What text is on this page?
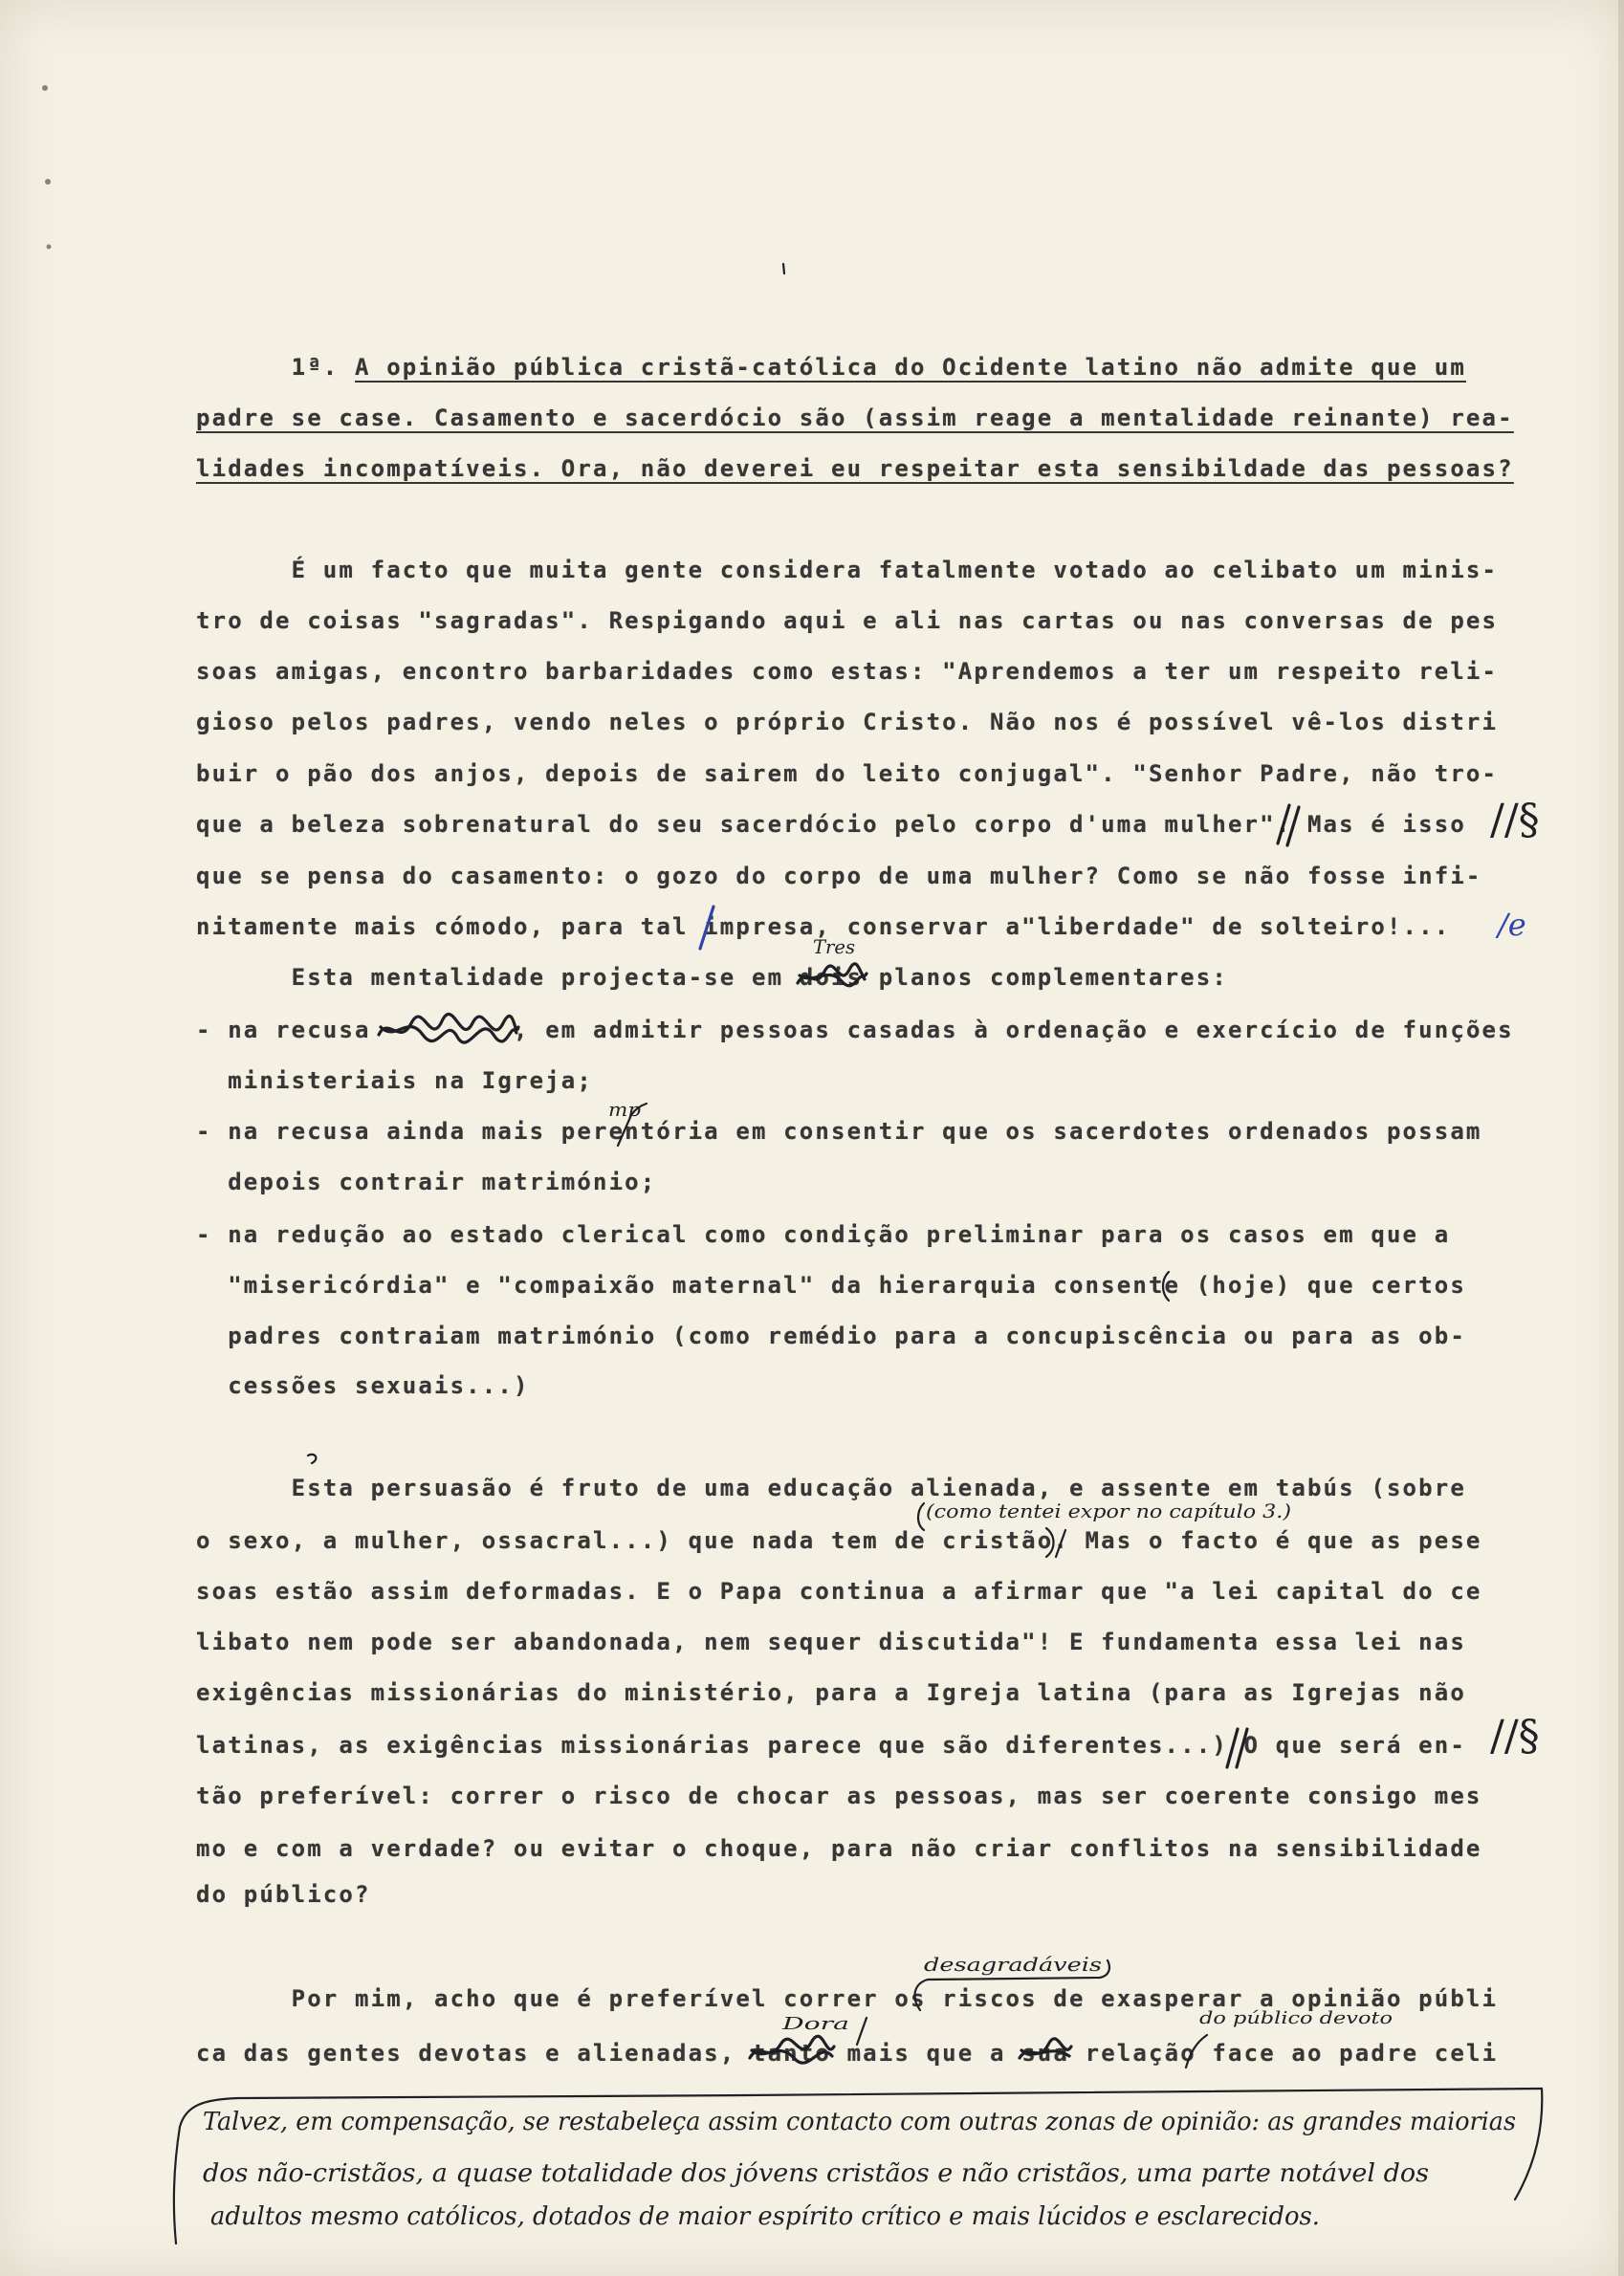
1ª. A opinião pública cristã-católica do Ocidente latino não admite que um
padre se case. Casamento e sacerdócio são (assim reage a mentalidade reinante) rea-
lidades incompatíveis. Ora, não deverei eu respeitar esta sensibildade das pessoas?
É um facto que muita gente considera fatalmente votado ao celibato um minis-
tro de coisas "sagradas". Respigando aqui e ali nas cartas ou nas conversas de pes
soas amigas, encontro barbaridades como estas: "Aprendemos a ter um respeito reli-
gioso pelos padres, vendo neles o próprio Cristo. Não nos é possível vê-los distri
buir o pão dos anjos, depois de sairem do leito conjugal". "Senhor Padre, não tro-
que a beleza sobrenatural do seu sacerdócio pelo corpo d'uma mulher". Mas é isso
que se pensa do casamento: o gozo do corpo de uma mulher? Como se não fosse infi-
nitamente mais cómodo, para tal impresa, conservar a"liberdade" de solteiro!...
Esta mentalidade projecta-se em dois planos complementares:
- na recusa	, em admitir pessoas casadas à ordenação e exercício de funções
ministeriais na Igreja;
- na recusa ainda mais perentória em consentir que os sacerdotes ordenados possam
depois contrair matrimónio;
- na redução ao estado clerical como condição preliminar para os casos em que a
"misericórdia" e "compaixão maternal" da hierarquia consente (hoje) que certos
padres contraiam matrimónio (como remédio para a concupiscência ou para as ob-
cessões sexuais...)
Esta persuasão é fruto de uma educação alienada, e assente em tabús (sobre
o sexo, a mulher, ossacral...) que nada tem de cristão. Mas o facto é que as pese
soas estão assim deformadas. E o Papa continua a afirmar que "a lei capital do ce
libato nem pode ser abandonada, nem sequer discutida"! E fundamenta essa lei nas
exigências missionárias do ministério, para a Igreja latina (para as Igrejas não
latinas, as exigências missionárias parece que são diferentes...) O que será en-
tão preferível: correr o risco de chocar as pessoas, mas ser coerente consigo mes
mo e com a verdade? ou evitar o choque, para não criar conflitos na sensibilidade
do público?
Por mim, acho que é preferível correr os riscos de exasperar a opinião públi
ca das gentes devotas e alienadas, tanto mais que a sua relação face ao padre celi
Tres
mp
(como tentei expor no capítulo 3.)
desagradáveis
Dora	do público devoto
//§
/e
//§
Talvez, em compensação, se restabeleça assim contacto com outras zonas de opinião: as grandes maiorias
dos não-cristãos, a quase totalidade dos jóvens cristãos e não cristãos, uma parte notável dos
adultos mesmo católicos, dotados de maior espírito crítico e mais lúcidos e esclarecidos.
